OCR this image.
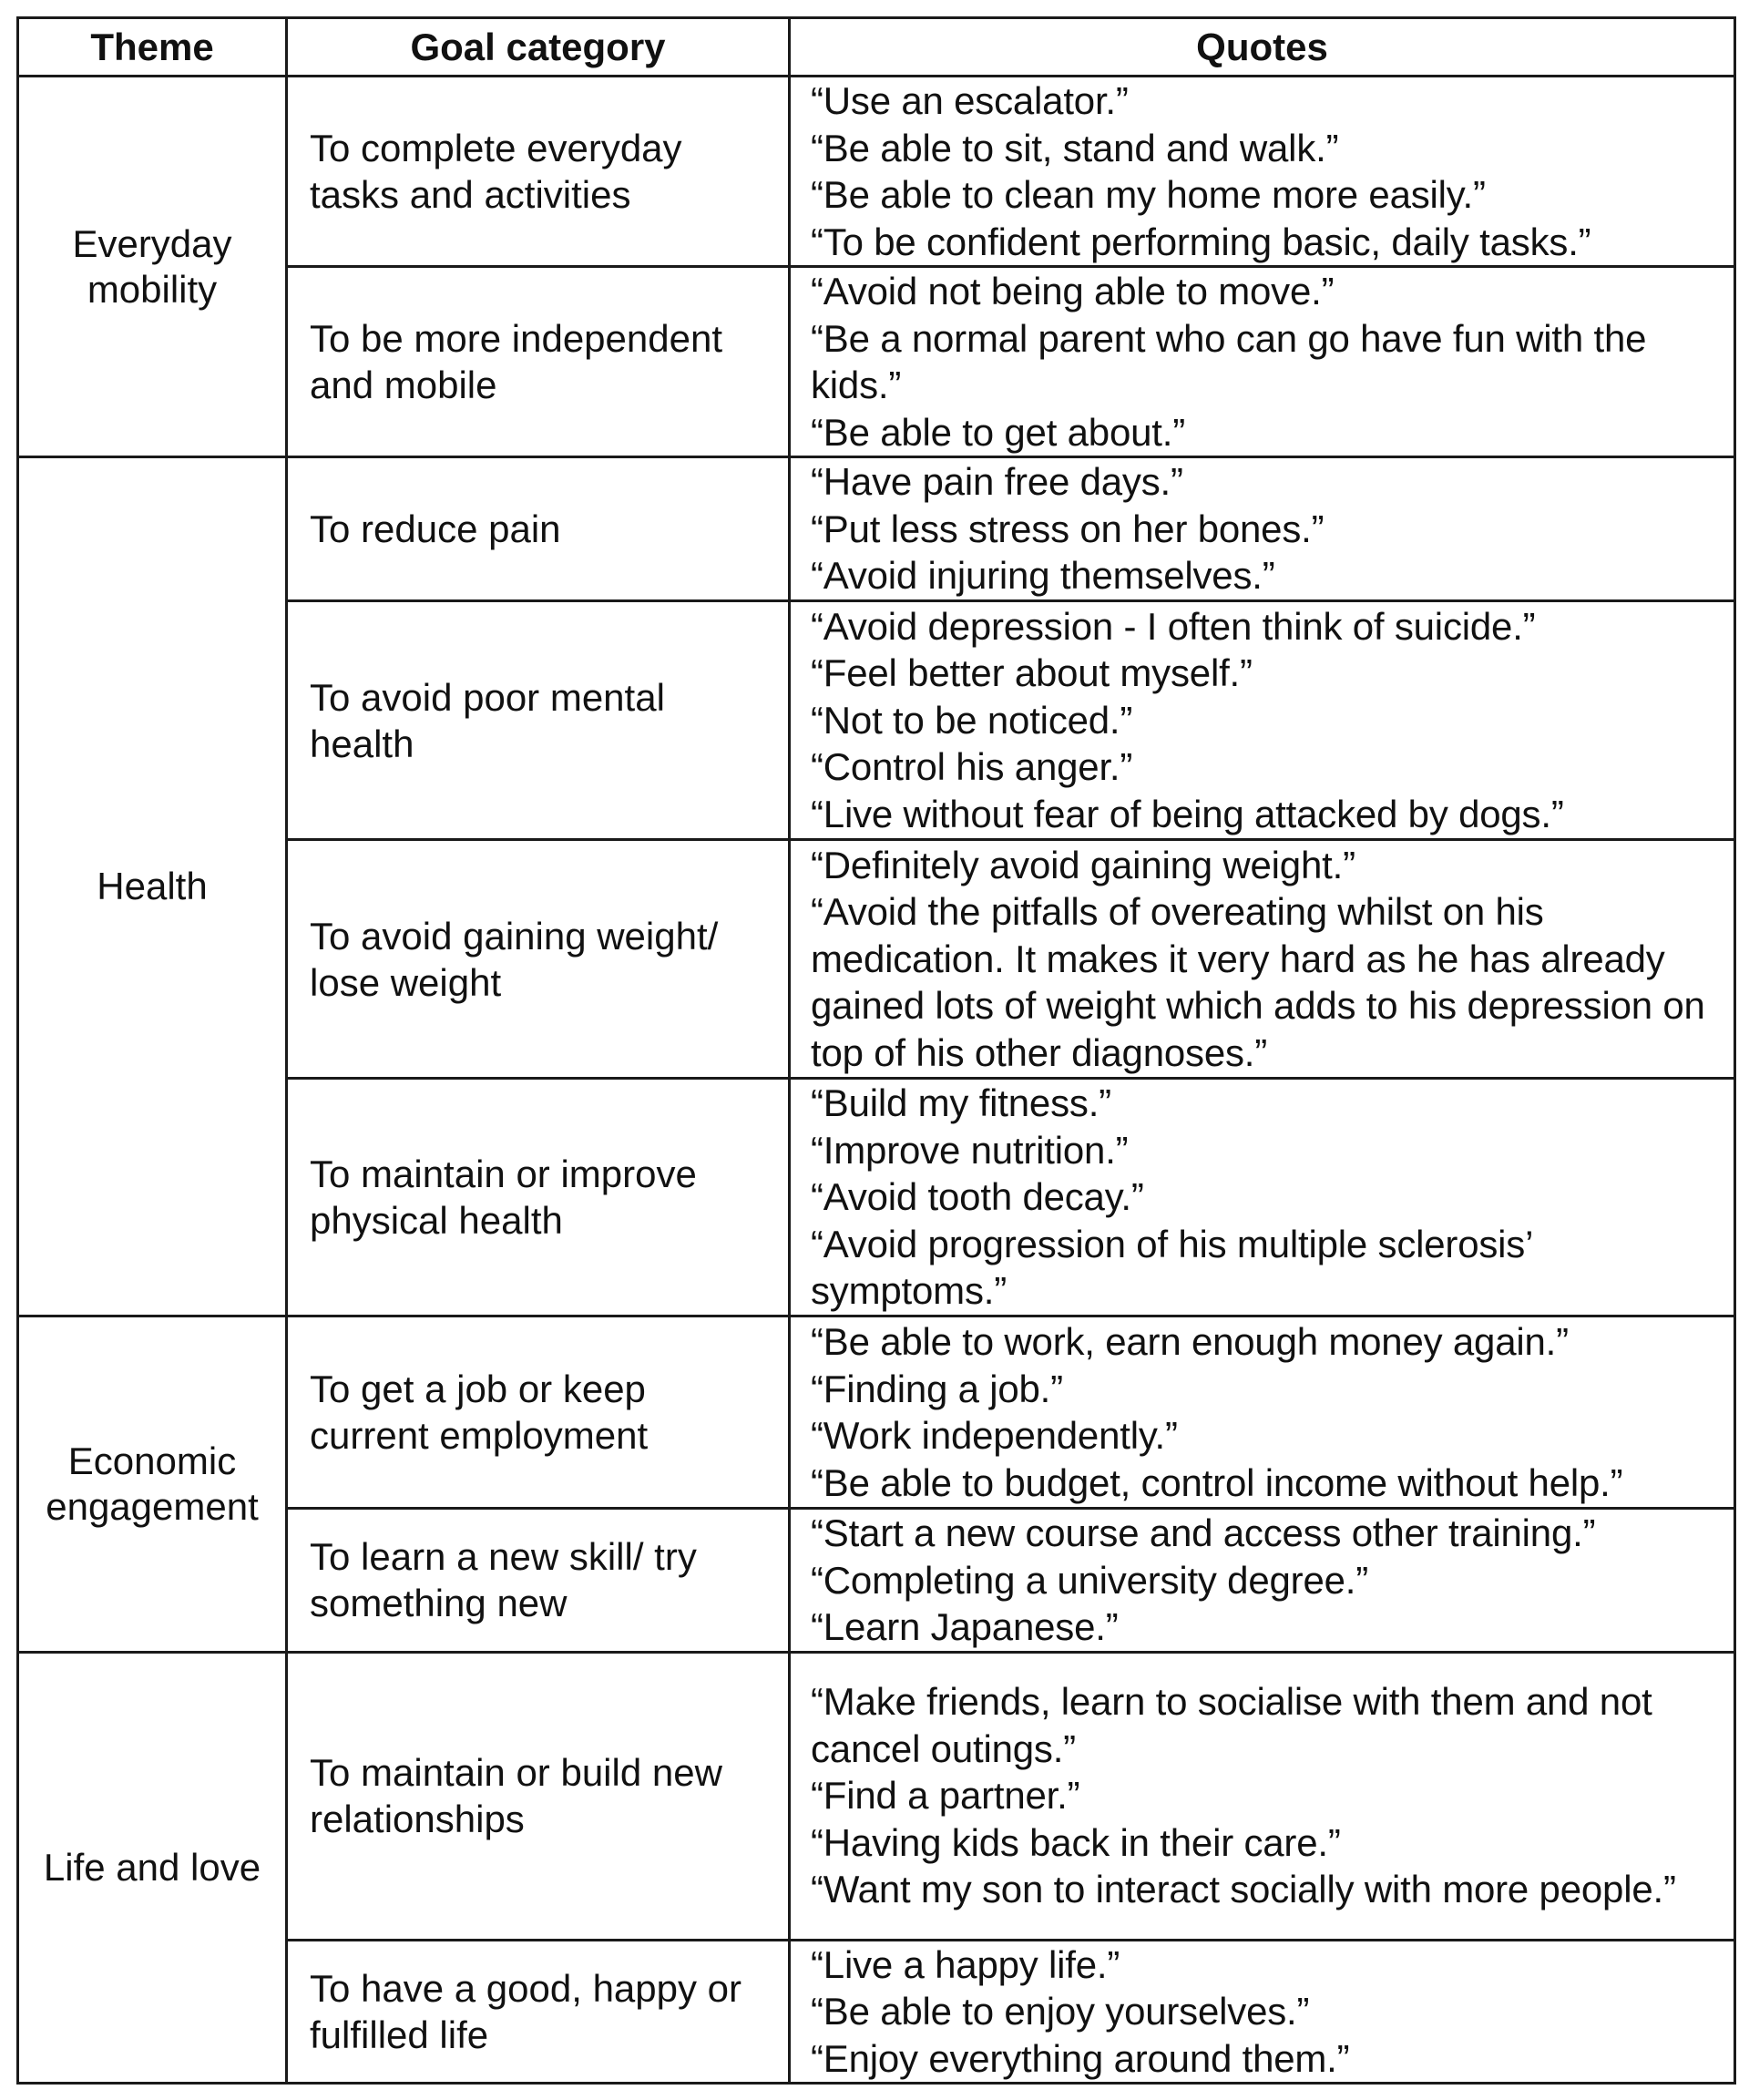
Theme	Goal category	Quotes
Everyday mobility	To complete everyday tasks and activities	“Use an escalator.”
“Be able to sit, stand and walk.”
“Be able to clean my home more easily.”
“To be confident performing basic, daily tasks.”

	To be more independent and mobile	“Avoid not being able to move.”
“Be a normal parent who can go have fun with the kids.”
“Be able to get about.”

Health	To reduce pain	“Have pain free days.”
“Put less stress on her bones.”
“Avoid injuring themselves.”

	To avoid poor mental health	“Avoid depression - I often think of suicide.”
“Feel better about myself.”
“Not to be noticed.”
“Control his anger.”
“Live without fear of being attacked by dogs.”

	To avoid gaining weight/ lose weight	“Definitely avoid gaining weight.”
“Avoid the pitfalls of overeating whilst on his medication. It makes it very hard as he has already gained lots of weight which adds to his depression on top of his other diagnoses.”

	To maintain or improve physical health	“Build my fitness.”
“Improve nutrition.”
“Avoid tooth decay.”
“Avoid progression of his multiple sclerosis’ symptoms.”

Economic engagement	To get a job or keep current employment	“Be able to work, earn enough money again.”
“Finding a job.”
“Work independently.”
“Be able to budget, control income without help.”

	To learn a new skill/ try something new	“Start a new course and access other training.”
“Completing a university degree.”
“Learn Japanese.”

Life and love	To maintain or build new relationships	“Make friends, learn to socialise with them and not cancel outings.”
“Find a partner.”
“Having kids back in their care.”
“Want my son to interact socially with more people.”

	To have a good, happy or fulfilled life	“Live a happy life.”
“Be able to enjoy yourselves.”
“Enjoy everything around them.”
